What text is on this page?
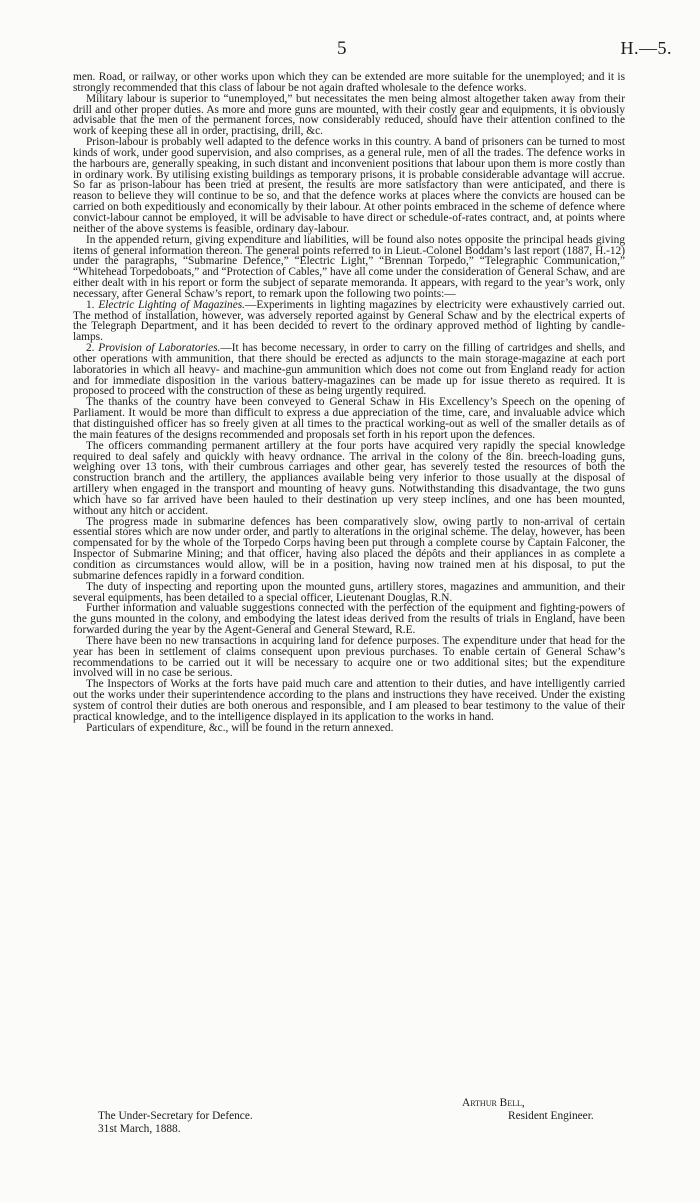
5	H.—5.

men. Road, or railway, or other works upon which they can be extended are more suitable for the unemployed; and it is strongly recommended that this class of labour be not again drafted wholesale to the defence works.

Military labour is superior to “unemployed,” but necessitates the men being almost altogether taken away from their drill and other proper duties. As more and more guns are mounted, with their costly gear and equipments, it is obviously advisable that the men of the permanent forces, now considerably reduced, should have their attention confined to the work of keeping these all in order, practising, drill, &c.

Prison-labour is probably well adapted to the defence works in this country. A band of prisoners can be turned to most kinds of work, under good supervision, and also comprises, as a general rule, men of all the trades. The defence works in the harbours are, generally speaking, in such distant and inconvenient positions that labour upon them is more costly than in ordinary work. By utilising existing buildings as temporary prisons, it is probable considerable advantage will accrue. So far as prison-labour has been tried at present, the results are more satisfactory than were anticipated, and there is reason to believe they will continue to be so, and that the defence works at places where the convicts are housed can be carried on both expeditiously and economically by their labour. At other points embraced in the scheme of defence where convict-labour cannot be employed, it will be advisable to have direct or schedule-of-rates contract, and, at points where neither of the above systems is feasible, ordinary day-labour.

In the appended return, giving expenditure and liabilities, will be found also notes opposite the principal heads giving items of general information thereon. The general points referred to in Lieut.-Colonel Boddam’s last report (1887, H.-12) under the paragraphs, “Submarine Defence,” “Electric Light,” “Brennan Torpedo,” “Telegraphic Communication,” “Whitehead Torpedoboats,” and “Protection of Cables,” have all come under the consideration of General Schaw, and are either dealt with in his report or form the subject of separate memoranda. It appears, with regard to the year’s work, only necessary, after General Schaw’s report, to remark upon the following two points:—

1. Electric Lighting of Magazines.—Experiments in lighting magazines by electricity were exhaustively carried out. The method of installation, however, was adversely reported against by General Schaw and by the electrical experts of the Telegraph Department, and it has been decided to revert to the ordinary approved method of lighting by candle-lamps.

2. Provision of Laboratories.—It has become necessary, in order to carry on the filling of cartridges and shells, and other operations with ammunition, that there should be erected as adjuncts to the main storage-magazine at each port laboratories in which all heavy- and machine-gun ammunition which does not come out from England ready for action and for immediate disposition in the various battery-magazines can be made up for issue thereto as required. It is proposed to proceed with the construction of these as being urgently required.

The thanks of the country have been conveyed to General Schaw in His Excellency’s Speech on the opening of Parliament. It would be more than difficult to express a due appreciation of the time, care, and invaluable advice which that distinguished officer has so freely given at all times to the practical working-out as well of the smaller details as of the main features of the designs recommended and proposals set forth in his report upon the defences.

The officers commanding permanent artillery at the four ports have acquired very rapidly the special knowledge required to deal safely and quickly with heavy ordnance. The arrival in the colony of the 8in. breech-loading guns, weighing over 13 tons, with their cumbrous carriages and other gear, has severely tested the resources of both the construction branch and the artillery, the appliances available being very inferior to those usually at the disposal of artillery when engaged in the transport and mounting of heavy guns. Notwithstanding this disadvantage, the two guns which have so far arrived have been hauled to their destination up very steep inclines, and one has been mounted, without any hitch or accident.

The progress made in submarine defences has been comparatively slow, owing partly to non-arrival of certain essential stores which are now under order, and partly to alterations in the original scheme. The delay, however, has been compensated for by the whole of the Torpedo Corps having been put through a complete course by Captain Falconer, the Inspector of Submarine Mining; and that officer, having also placed the dépôts and their appliances in as complete a condition as circumstances would allow, will be in a position, having now trained men at his disposal, to put the submarine defences rapidly in a forward condition.

The duty of inspecting and reporting upon the mounted guns, artillery stores, magazines and ammunition, and their several equipments, has been detailed to a special officer, Lieutenant Douglas, R.N.

Further information and valuable suggestions connected with the perfection of the equipment and fighting-powers of the guns mounted in the colony, and embodying the latest ideas derived from the results of trials in England, have been forwarded during the year by the Agent-General and General Steward, R.E.

There have been no new transactions in acquiring land for defence purposes. The expenditure under that head for the year has been in settlement of claims consequent upon previous purchases. To enable certain of General Schaw’s recommendations to be carried out it will be necessary to acquire one or two additional sites; but the expenditure involved will in no case be serious.

The Inspectors of Works at the forts have paid much care and attention to their duties, and have intelligently carried out the works under their superintendence according to the plans and instructions they have received. Under the existing system of control their duties are both onerous and responsible, and I am pleased to bear testimony to the value of their practical knowledge, and to the intelligence displayed in its application to the works in hand.

Particulars of expenditure, &c., will be found in the return annexed.

Arthur Bell,
The Under-Secretary for Defence.	Resident Engineer.
31st March, 1888.
